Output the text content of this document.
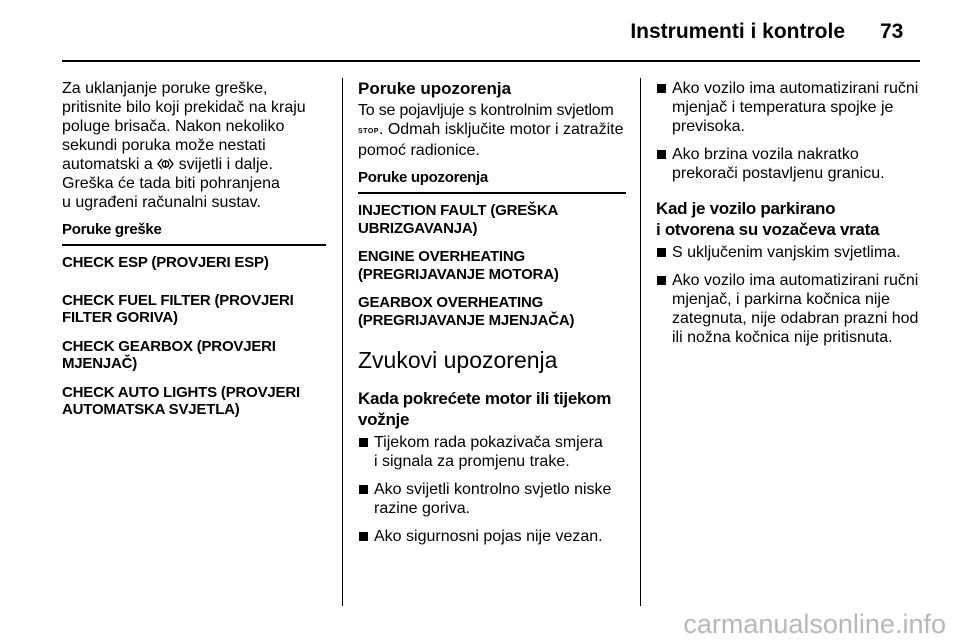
Instrumenti i kontrole 73

Za uklanjanje poruke greške,
pritisnite bilo koji prekidač na kraju
poluge brisača. Nakon nekoliko
sekundi poruka može nestati
automatski a svijetli i dalje.
Greška će tada biti pohranjena
u ugrađeni računalni sustav.

Poruke greške
CHECK ESP (PROVJERI ESP)
CHECK FUEL FILTER (PROVJERI FILTER GORIVA)
CHECK GEARBOX (PROVJERI MJENJAČ)
CHECK AUTO LIGHTS (PROVJERI AUTOMATSKA SVJETLA)
Poruke upozorenja

To se pojavljuje s kontrolnim svjetlom
STOP. Odmah isključite motor i zatražite
pomoć radionice.

Poruke upozorenja
INJECTION FAULT (GREŠKA UBRIZGAVANJA)
ENGINE OVERHEATING (PREGRIJAVANJE MOTORA)
GEARBOX OVERHEATING (PREGRIJAVANJE MJENJAČA)
Zvukovi upozorenja
Kada pokrećete motor ili tijekom vožnje
Tijekom rada pokazivača smjera
i signala za promjenu trake.
Ako svijetli kontrolno svjetlo niske
razine goriva.
Ako sigurnosni pojas nije vezan.
Ako vozilo ima automatizirani ručni
mjenjač i temperatura spojke je
previsoka.
Ako brzina vozila nakratko
prekorači postavljenu granicu.
Kad je vozilo parkirano
i otvorena su vozačeva vrata
S uključenim vanjskim svjetlima.
Ako vozilo ima automatizirani ručni
mjenjač, i parkirna kočnica nije
zategnuta, nije odabran prazni hod
ili nožna kočnica nije pritisnuta.
carmanualsonline.info
